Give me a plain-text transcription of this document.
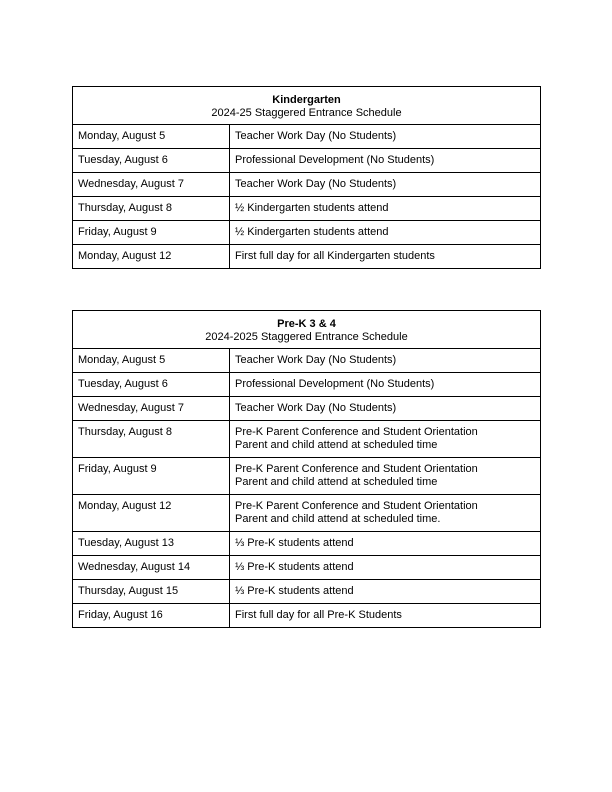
Kindergarten
2024-25 Staggered Entrance Schedule	

Monday, August 5	Teacher Work Day (No Students)

Tuesday, August 6	Professional Development (No Students)

Wednesday, August 7	Teacher Work Day (No Students)

Thursday, August 8	½ Kindergarten students attend

Friday, August 9	½ Kindergarten students attend

Monday, August 12	First full day for all Kindergarten students
Pre-K 3 & 4
2024-2025 Staggered Entrance Schedule	

Monday, August 5	Teacher Work Day (No Students)

Tuesday, August 6	Professional Development (No Students)

Wednesday, August 7	Teacher Work Day (No Students)

Thursday, August 8	Pre-K Parent Conference and Student Orientation
Parent and child attend at scheduled time

Friday, August 9	Pre-K Parent Conference and Student Orientation
Parent and child attend at scheduled time

Monday, August 12	Pre-K Parent Conference and Student Orientation
Parent and child attend at scheduled time.

Tuesday, August 13	⅓ Pre-K students attend

Wednesday, August 14	⅓ Pre-K students attend

Thursday, August 15	⅓ Pre-K students attend

Friday, August 16	First full day for all Pre-K Students
